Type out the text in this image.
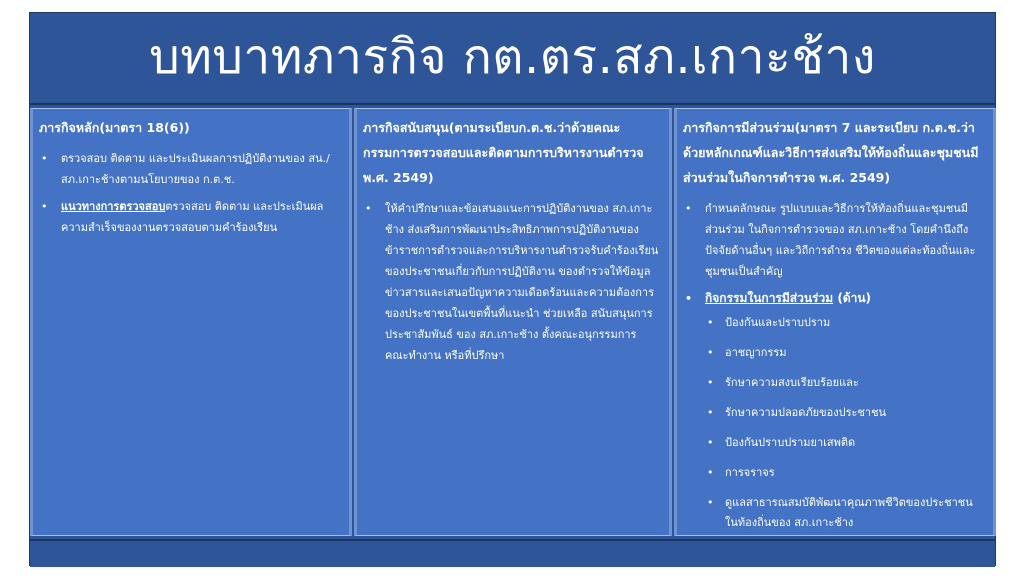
บทบาทภารกิจ กต.ตร.สภ.เกาะช้าง
ภารกิจหลัก(มาตรา 18(6))
• ตรวจสอบ ติดตาม และประเมินผลการปฏิบัติงานของ สน./สภ.เกาะช้างตามนโยบายของ ก.ต.ช.
• แนวทางการตรวจสอบตรวจสอบ ติดตาม และประเมินผลความสำเร็จของงานตรวจสอบตามคำร้องเรียน
ภารกิจสนับสนุน(ตามระเบียบก.ต.ช.ว่าด้วยคณะกรรมการตรวจสอบและติดตามการบริหารงานตำรวจ พ.ศ. 2549)
• ให้คำปรึกษาและข้อเสนอแนะการปฏิบัติงานของ สภ.เกาะช้าง ส่งเสริมการพัฒนาประสิทธิภาพการปฏิบัติงานของข้าราชการตำรวจและการบริหารงานตำรวจรับคำร้องเรียนของประชาชนเกี่ยวกับการปฏิบัติงาน ของตำรวจให้ข้อมูลข่าวสารและเสนอปัญหาความเดือดร้อนและความต้องการของประชาชนในเขตพื้นที่แนะนำ ช่วยเหลือ สนับสนุนการประชาสัมพันธ์ ของ สภ.เกาะช้าง ตั้งคณะอนุกรรมการคณะทำงาน หรือที่ปรึกษา
ภารกิจการมีส่วนร่วม(มาตรา 7 และระเบียบ ก.ต.ช.ว่าด้วยหลักเกณฑ์และวิธีการส่งเสริมให้ท้องถิ่นและชุมชนมีส่วนร่วมในกิจการตำรวจ พ.ศ. 2549)
• กำหนดลักษณะ รูปแบบและวิธีการให้ท้องถิ่นและชุมชนมีส่วนร่วม ในกิจการตำรวจของ สภ.เกาะช้าง โดยคำนึงถึงปัจจัยด้านอื่นๆ และวิถีการดำรง ชีวิตของแต่ละท้องถิ่นและชุมชนเป็นสำคัญ
• กิจกรรมในการมีส่วนร่วม (ด้าน)
• ป้องกันและปราบปราม
• อาชญากรรม
• รักษาความสงบเรียบร้อยและ
• รักษาความปลอดภัยของประชาชน
• ป้องกันปราบปรามยาเสพติด
• การจราจร
• ดูแลสาธารณสมบัติพัฒนาคุณภาพชีวิตของประชาชนในท้องถิ่นของ สภ.เกาะช้าง
